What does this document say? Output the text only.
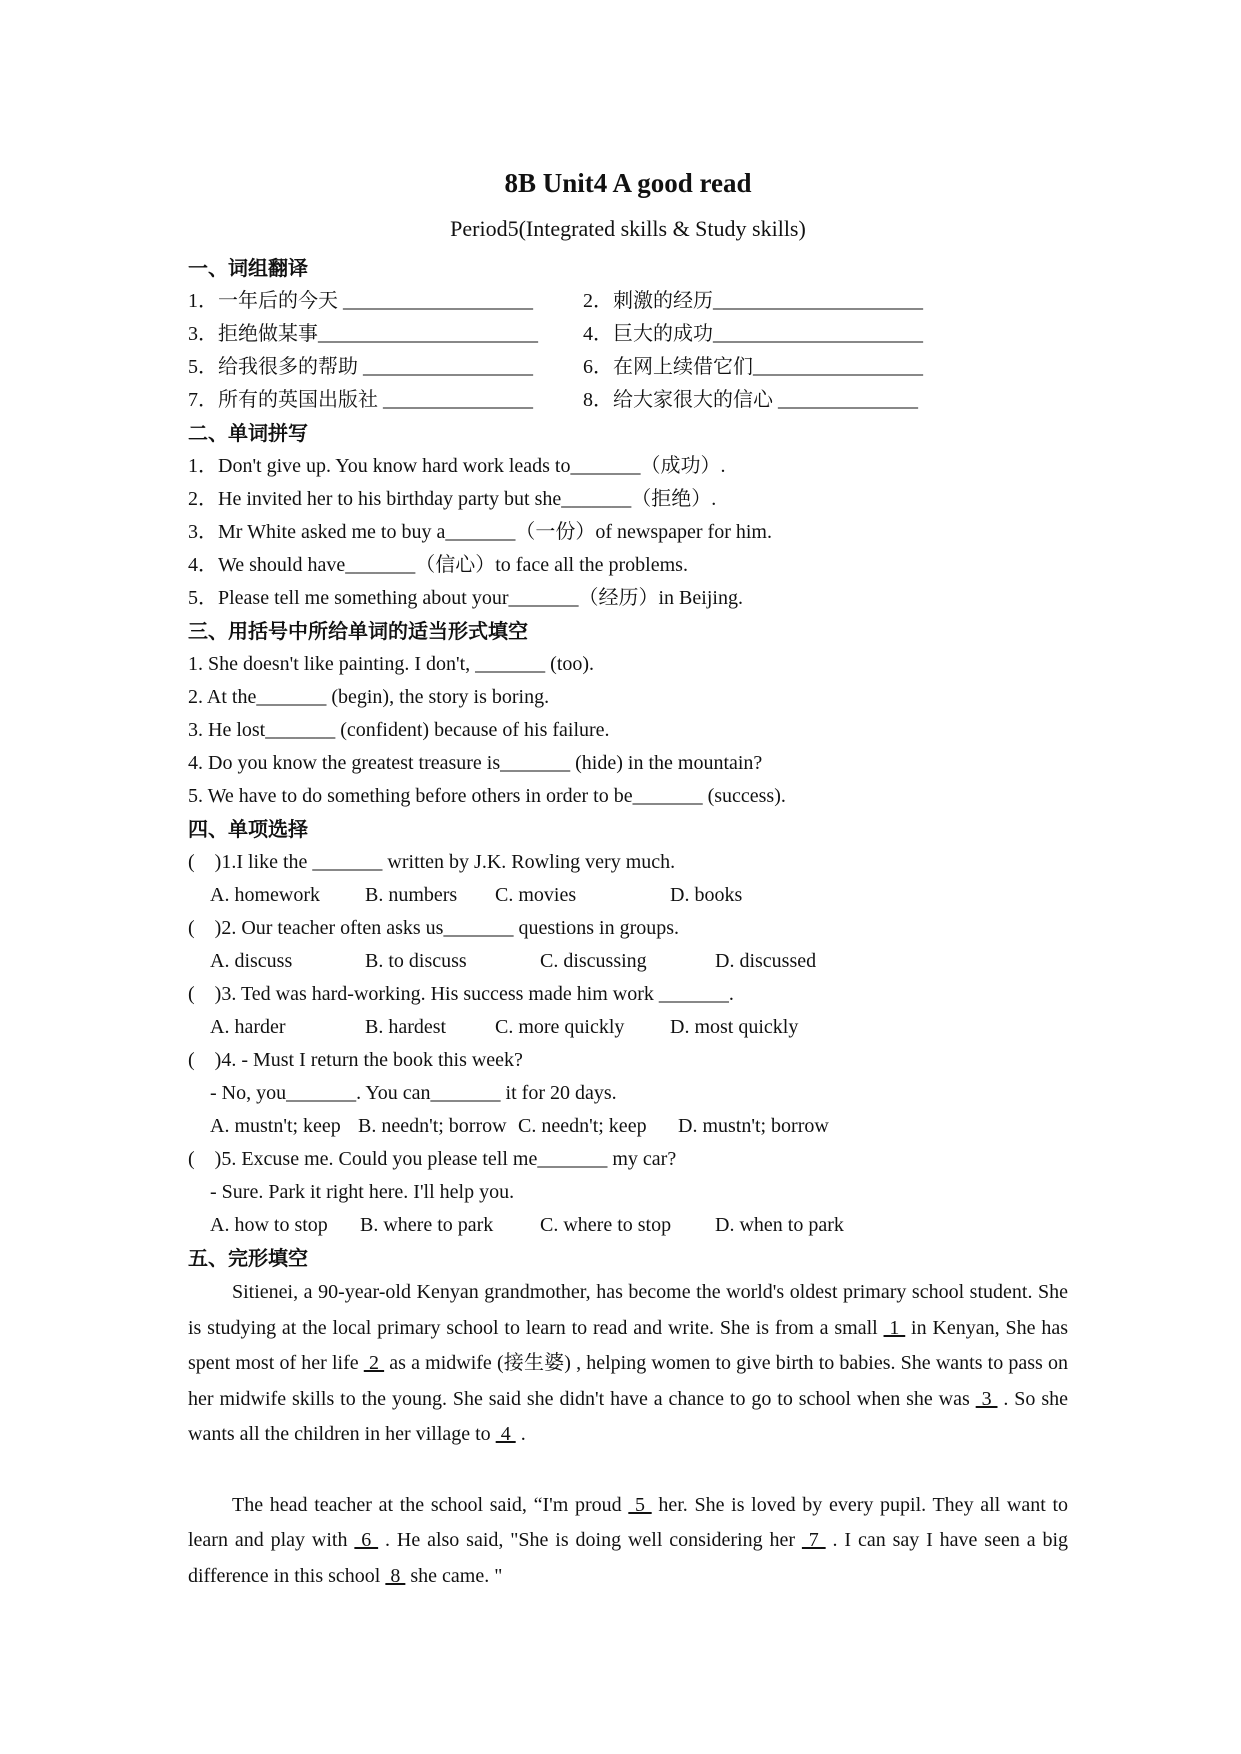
8B Unit4 A good read
Period5(Integrated skills & Study skills)
一、词组翻译
1．一年后的今天 ___________________	2．刺激的经历_____________________
3．拒绝做某事______________________	4．巨大的成功_____________________
5．给我很多的帮助 _________________	6．在网上续借它们_________________
7．所有的英国出版社 _______________	8．给大家很大的信心 ______________
二、单词拼写
1．Don't give up. You know hard work leads to_______（成功）.
2．He invited her to his birthday party but she_______（拒绝）.
3．Mr White asked me to buy a_______（一份）of newspaper for him.
4．We should have_______（信心）to face all the problems.
5．Please tell me something about your_______（经历）in Beijing.
三、用括号中所给单词的适当形式填空
1. She doesn't like painting. I don't, _______ (too).
2. At the_______ (begin), the story is boring.
3. He lost_______ (confident) because of his failure.
4. Do you know the greatest treasure is_______ (hide) in the mountain?
5. We have to do something before others in order to be_______ (success).
四、单项选择
(    )1.I like the _______ written by J.K. Rowling very much.
A. homework	B. numbers	C. movies	D. books
(    )2. Our teacher often asks us_______ questions in groups.
A. discuss	B. to discuss	C. discussing	D. discussed
(    )3. Ted was hard-working. His success made him work _______.
A. harder	B. hardest	C. more quickly	D. most quickly
(    )4. - Must I return the book this week?
- No, you_______. You can_______ it for 20 days.
A. mustn't; keep B. needn't; borrow C. needn't; keep	D. mustn't; borrow
(    )5. Excuse me. Could you please tell me_______ my car?
- Sure. Park it right here. I'll help you.
A. how to stop	B. where to park	C. where to stop	D. when to park
五、完形填空

Sitienei, a 90-year-old Kenyan grandmother, has become the world's oldest primary school student. She is studying at the local primary school to learn to read and write. She is from a small  1  in Kenyan, She has spent most of her life  2  as a midwife (接生婆) , helping women to give birth to babies. She wants to pass on her midwife skills to the young. She said she didn't have a chance to go to school when she was  3  . So she wants all the children in her village to  4  .

The head teacher at the school said, “I'm proud  5  her. She is loved by every pupil. They all want to learn and play with  6  . He also said, "She is doing well considering her  7  . I can say I have seen a big difference in this school  8  she came. "
